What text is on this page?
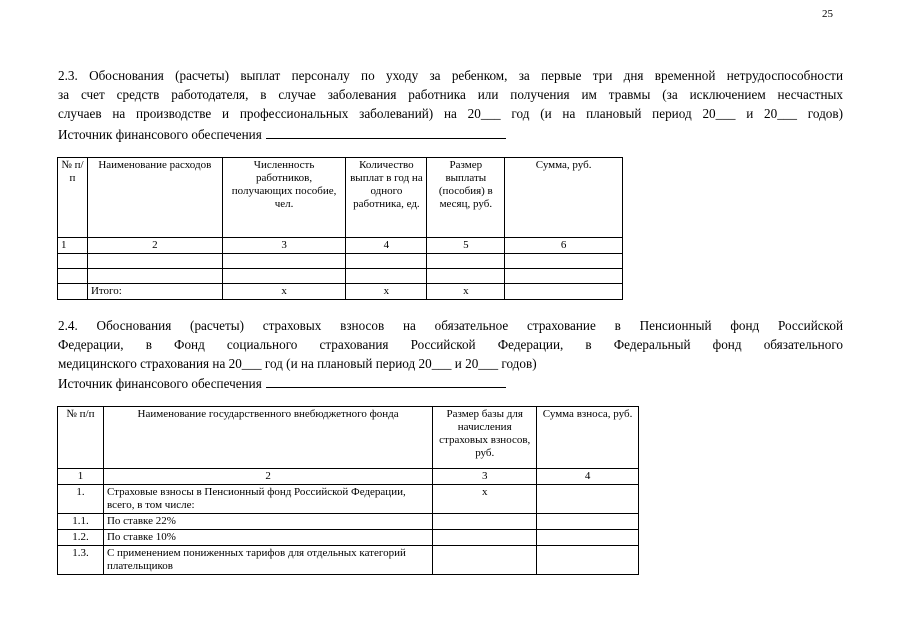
25
2.3. Обоснования (расчеты) выплат персоналу по уходу за ребенком, за первые три дня временной нетрудоспособности
за счет средств работодателя, в случае заболевания работника или получения им травмы (за исключением несчастных
случаев на производстве и профессиональных заболеваний) на 20___ год (и на плановый период 20___ и 20___ годов)
Источник финансового обеспечения
№ п/п	Наименование расходов	Численность работников, получающих пособие, чел.	Количество выплат в год на одного работника, ед.	Размер выплаты (пособия) в месяц, руб.	Сумма, руб.
1	2	3	4	5	6

	Итого:	х	х	х	
2.4. Обоснования (расчеты) страховых взносов на обязательное страхование в Пенсионный фонд Российской
Федерации, в Фонд социального страхования Российской Федерации, в Федеральный фонд обязательного
медицинского страхования на 20___ год (и на плановый период 20___ и 20___ годов)
Источник финансового обеспечения
№ п/п	Наименование государственного внебюджетного фонда	Размер базы для начисления страховых взносов, руб.	Сумма взноса, руб.
1	2	3	4
1.	Страховые взносы в Пенсионный фонд Российской Федерации, всего, в том числе:	х	
1.1.	По ставке 22%		
1.2.	По ставке 10%		
1.3.	С применением пониженных тарифов для отдельных категорий плательщиков		
